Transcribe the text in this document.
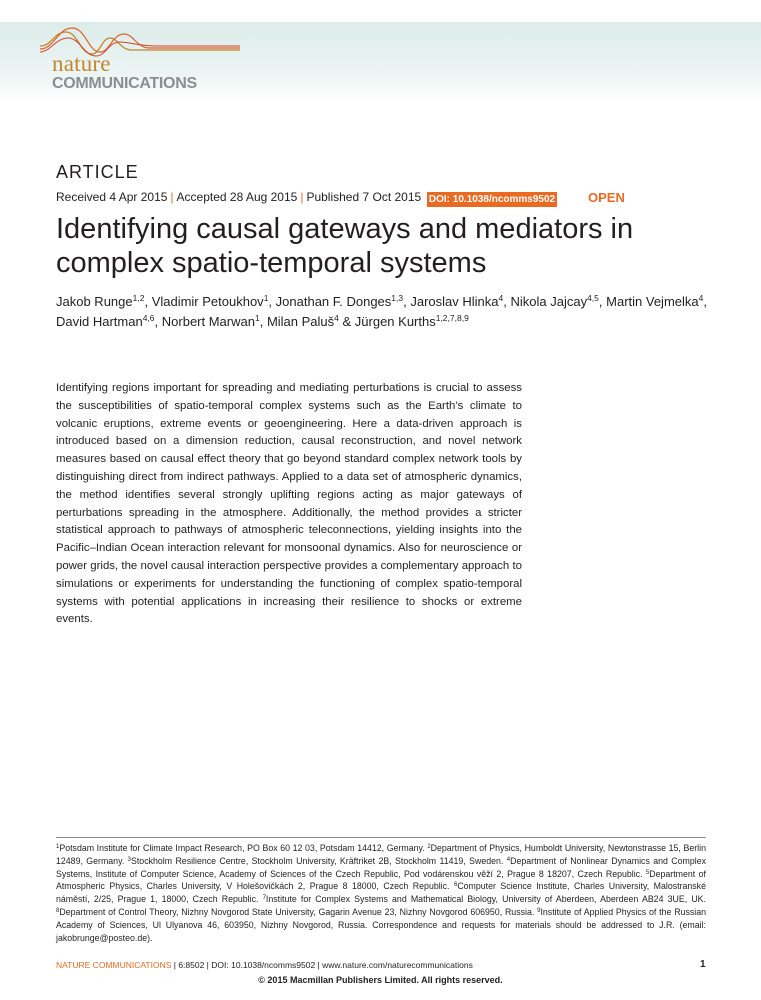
nature
COMMUNICATIONS
ARTICLE
Received 4 Apr 2015 | Accepted 28 Aug 2015 | Published 7 Oct 2015 DOI: 10.1038/ncomms9502	OPEN
Identifying causal gateways and mediators in complex spatio-temporal systems
Jakob Runge$^{1,2}$, Vladimir Petoukhov$^1$, Jonathan F. Donges$^{1,3}$, Jaroslav Hlinka$^4$, Nikola Jajcay$^{4,5}$, Martin Vejmelka$^4$, David Hartman$^{4,6}$, Norbert Marwan$^1$, Milan Paluš$^4$ & Jürgen Kurths$^{1,2,7,8,9}$
Identifying regions important for spreading and mediating perturbations is crucial to assess the susceptibilities of spatio-temporal complex systems such as the Earth’s climate to volcanic eruptions, extreme events or geoengineering. Here a data-driven approach is introduced based on a dimension reduction, causal reconstruction, and novel network measures based on causal effect theory that go beyond standard complex network tools by distinguishing direct from indirect pathways. Applied to a data set of atmospheric dynamics, the method identifies several strongly uplifting regions acting as major gateways of perturbations spreading in the atmosphere. Additionally, the method provides a stricter statistical approach to pathways of atmospheric teleconnections, yielding insights into the Pacific–Indian Ocean interaction relevant for monsoonal dynamics. Also for neuroscience or power grids, the novel causal interaction perspective provides a complementary approach to simulations or experiments for understanding the functioning of complex spatio-temporal systems with potential applications in increasing their resilience to shocks or extreme events.
$^1$Potsdam Institute for Climate Impact Research, PO Box 60 12 03, Potsdam 14412, Germany. $^2$Department of Physics, Humboldt University, Newtonstrasse 15, Berlin 12489, Germany. $^3$Stockholm Resilience Centre, Stockholm University, Kräftriket 2B, Stockholm 11419, Sweden. $^4$Department of Nonlinear Dynamics and Complex Systems, Institute of Computer Science, Academy of Sciences of the Czech Republic, Pod vodárenskou věží 2, Prague 8 18207, Czech Republic. $^5$Department of Atmospheric Physics, Charles University, V Holešovičkách 2, Prague 8 18000, Czech Republic. $^6$Computer Science Institute, Charles University, Malostranské náměstí, 2/25, Prague 1, 18000, Czech Republic. $^7$Institute for Complex Systems and Mathematical Biology, University of Aberdeen, Aberdeen AB24 3UE, UK. $^8$Department of Control Theory, Nizhny Novgorod State University, Gagarin Avenue 23, Nizhny Novgorod 606950, Russia. $^9$Institute of Applied Physics of the Russian Academy of Sciences, Ul Ulyanova 46, 603950, Nizhny Novgorod, Russia. Correspondence and requests for materials should be addressed to J.R. (email: jakobrunge@posteo.de).
NATURE COMMUNICATIONS | 6:8502 | DOI: 10.1038/ncomms9502 | www.nature.com/naturecommunications	1
© 2015 Macmillan Publishers Limited. All rights reserved.
